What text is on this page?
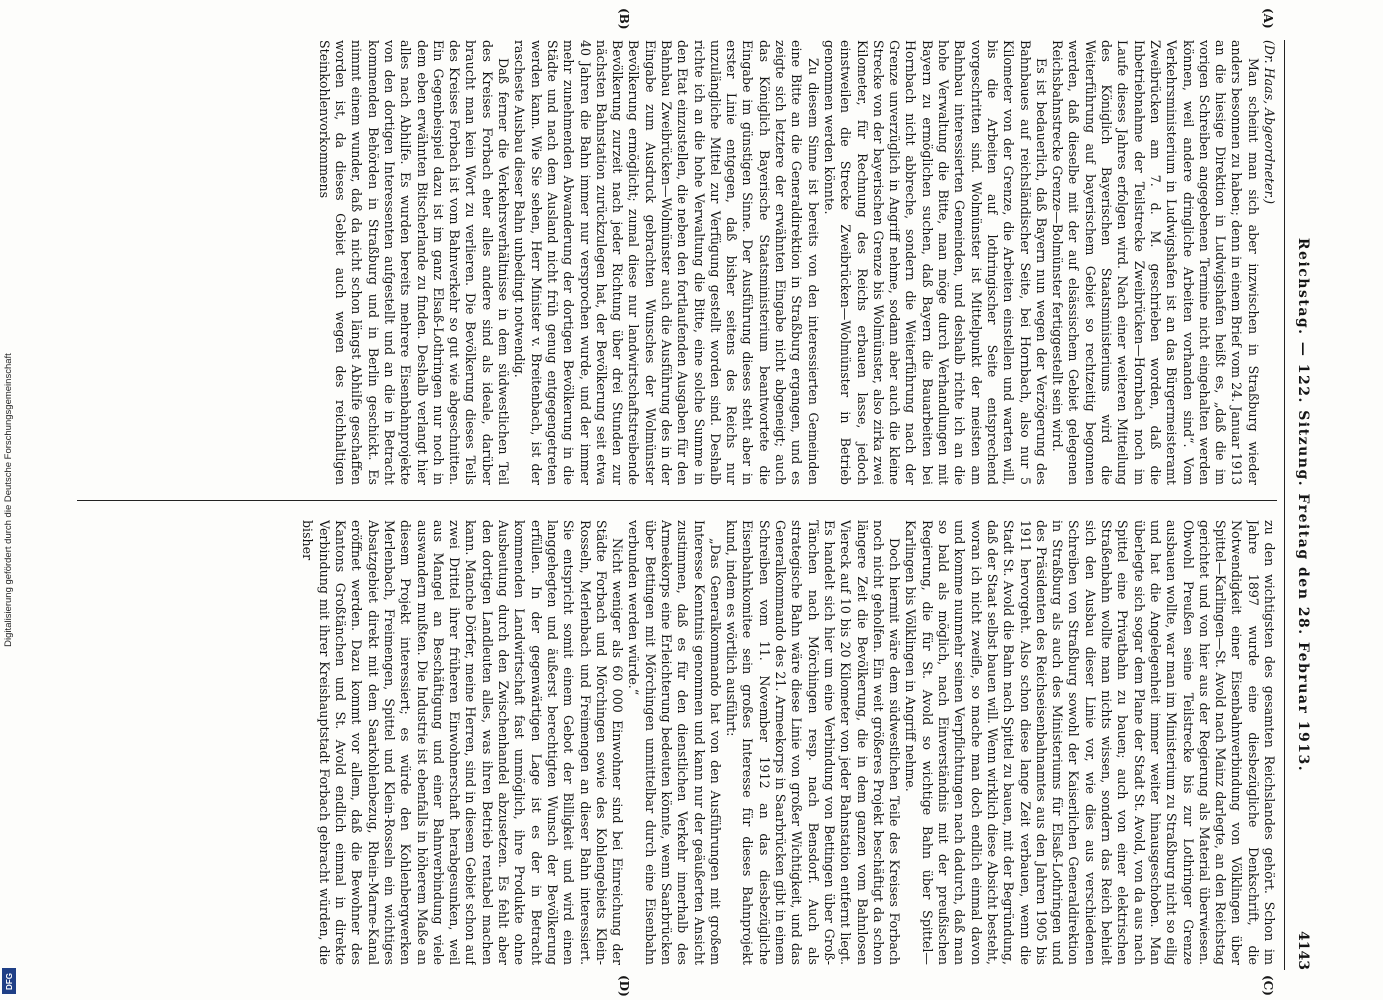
Digitalisierung gefördert durch die Deutsche Forschungsgemeinschaft
DFG
Reichstag. — 122. Sitzung. Freitag den 28. Februar 1913.
4143
(A)
(B)
(C)
(D)

(Dr. Haas, Abgeordneter.)

Man scheint man sich aber inzwischen in Straßburg wieder anders besonnen zu haben; denn in einem Brief vom 24. Januar 1913 an die hiesige Direktion in Ludwigshafen heißt es, „daß die im vorigen Schreiben angegebenen Termine nicht eingehalten werden können, weil andere dringliche Arbeiten vorhanden sind“. Vom Verkehrsministerium in Ludwigshafen ist an das Bürgermeisteramt Zweibrücken am 7. d. M. geschrieben worden, daß die Inbetriebnahme der Teilstrecke Zweibrücken—Hornbach noch im Laufe dieses Jahres erfolgen wird. Nach einer weiteren Mitteilung des Königlich Bayerischen Staatsministeriums wird die Weiterführung auf bayerischem Gebiet so rechtzeitig begonnen werden, daß dieselbe mit der auf elsässischem Gebiet gelegenen Reichsbahnstrecke Grenze—Bolmünster fertiggestellt sein wird.

Es ist bedauerlich, daß Bayern nun wegen der Verzögerung des Bahnbaues auf reichsländischer Seite, bei Hornbach, also nur 5 Kilometer von der Grenze, die Arbeiten einstellen und warten will, bis die Arbeiten auf lothringischer Seite entsprechend vorgeschritten sind. Wolmünster ist Mittelpunkt der meisten am Bahnbau interessierten Gemeinden, und deshalb richte ich an die hohe Verwaltung die Bitte, man möge durch Verhandlungen mit Bayern zu ermöglichen suchen, daß Bayern die Bauarbeiten bei Hornbach nicht abbreche, sondern die Weiterführung nach der Grenze unverzüglich in Angriff nehme, sodann aber auch die kleine Strecke von der bayerischen Grenze bis Wolmünster, also zirka zwei Kilometer, für Rechnung des Reichs erbauen lasse, jedoch einstweilen die Strecke Zweibrücken—Wolmünster in Betrieb genommen werden könnte.

Zu diesem Sinne ist bereits von den interessierten Gemeinden eine Bitte an die Generaldirektion in Straßburg ergangen, und es zeigte sich letztere der erwähnten Eingabe nicht abgeneigt; auch das Königlich Bayerische Staatsministerium beantwortete die Eingabe im günstigen Sinne. Der Ausführung dieses steht aber in erster Linie entgegen, daß bisher seitens des Reichs nur unzulängliche Mittel zur Verfügung gestellt worden sind. Deshalb richte ich an die hohe Verwaltung die Bitte, eine solche Summe in den Etat einzustellen, die neben den fortlaufenden Ausgaben für den Bahnbau Zweibrücken—Wolmünster auch die Ausführung des in der Eingabe zum Ausdruck gebrachten Wunsches der Wolmünster Bevölkerung ermöglicht; zumal diese nur landwirtschaftstreibende Bevölkerung zurzeit nach jeder Richtung über drei Stunden zur nächsten Bahnstation zurückzulegen hat, der Bevölkerung seit etwa 40 Jahren die Bahn immer nur versprochen wurde, und der immer mehr zunehmenden Abwanderung der dortigen Bevölkerung in die Städte und nach dem Ausland nicht früh genug entgegengetreten werden kann. Wie Sie sehen, Herr Minister v. Breitenbach, ist der rascheste Ausbau dieser Bahn unbedingt notwendig.

Daß ferner die Verkehrsverhältnisse in dem südwestlichen Teil des Kreises Forbach eher alles andere sind als ideale, darüber braucht man kein Wort zu verlieren. Die Bevölkerung dieses Teils des Kreises Forbach ist vom Bahnverkehr so gut wie abgeschnitten. Ein Gegenbeispiel dazu ist im ganz Elsaß-Lothringen nur noch in dem eben erwähnten Bitscherlande zu finden. Deshalb verlangt hier alles nach Abhilfe. Es wurden bereits mehrere Eisenbahnprojekte von den dortigen Interessenten aufgestellt und an die in Betracht kommenden Behörden in Straßburg und in Berlin geschickt. Es nimmt einem wunder, daß da nicht schon längst Abhilfe geschaffen worden ist, da dieses Gebiet auch wegen des reichhaltigen Steinkohlenvorkommens

zu den wichtigsten des gesamten Reichslandes gehört. Schon im Jahre 1897 wurde eine diesbezügliche Denkschrift, die Notwendigkeit einer Eisenbahnverbindung von Völklingen über Spittel—Karlingen—St. Avold nach Mainz darlegte, an den Reichstag gerichtet und von hier aus der Regierung als Material überwiesen. Obwohl Preußen seine Teilstrecke bis zur Lothringer Grenze ausbauen wollte, war man im Ministerium zu Straßburg nicht so eilig und hat die Angelegenheit immer weiter hinausgeschoben. Man überlegte sich sogar dem Plane der Stadt St. Avold, von da aus nach Spittel eine Privatbahn zu bauen; auch von einer elektrischen Straßenbahn wollte man nichts wissen, sondern das Reich behielt sich den Ausbau dieser Linie vor, wie dies aus verschiedenen Schreiben von Straßburg sowohl der Kaiserlichen Generaldirektion in Straßburg als auch des Ministeriums für Elsaß-Lothringen und des Präsidenten des Reichseisenbahnamtes aus den Jahren 1905 bis 1911 hervorgeht. Also schon diese lange Zeit verbauen, wenn die Stadt St. Avold die Bahn nach Spittel zu bauen, mit der Begründung, daß der Staat selbst bauen will. Wenn wirklich diese Absicht besteht, woran ich nicht zweifle, so mache man doch endlich einmal davon und komme nunmehr seinen Verpflichtungen nach dadurch, daß man so bald als möglich, nach Einverständnis mit der preußischen Regierung, die für St. Avold so wichtige Bahn über Spittel—Karlingen bis Völklingen in Angriff nehme.

Doch hiermit wäre dem südwestlichen Teile des Kreises Forbach noch nicht geholfen. Ein weit größeres Projekt beschäftigt da schon längere Zeit die Bevölkerung, die in dem ganzen vom Bahnlosen Viereck auf 10 bis 20 Kilometer von jeder Bahnstation entfernt liegt. Es handelt sich hier um eine Verbindung von Bettingen über Groß-Tänchen nach Mörchingen resp. nach Bensdorf. Auch als strategische Bahn wäre diese Linie von großer Wichtigkeit, und das Generalkommando des 21. Armeekorps in Saarbrücken gibt in einem Schreiben vom 11. November 1912 an das diesbezügliche Eisenbahnkomitee sein großes Interesse für dieses Bahnprojekt kund, indem es wörtlich ausführt:

„Das Generalkommando hat von den Ausführungen mit großem Interesse Kenntnis genommen und kann nur der geäußerten Ansicht zustimmen, daß es für den dienstlichen Verkehr innerhalb des Armeekorps eine Erleichterung bedeuten könnte, wenn Saarbrücken über Bettingen mit Mörchingen unmittelbar durch eine Eisenbahn verbunden werden würde.“

Nicht weniger als 60 000 Einwohner sind bei Einreichung der Städte Forbach und Mörchingen sowie des Kohlengebiets Klein-Rosseln, Merlenbach und Freimengen an dieser Bahn interessiert. Sie entspricht somit einem Gebot der Billigkeit und wird einen langgehegten und äußerst berechtigten Wunsch der Bevölkerung erfüllen. In der gegenwärtigen Lage ist es der in Betracht kommenden Landwirtschaft fast unmöglich, ihre Produkte ohne Ausbeutung durch den Zwischenhandel abzusetzen. Es fehlt aber den dortigen Landleuten alles, was ihren Betrieb rentabel machen kann. Manche Dörfer, meine Herren, sind in diesem Gebiet schon auf zwei Drittel ihrer früheren Einwohnerschaft herabgesunken, weil aus Mangel an Beschäftigung und einer Bahnverbindung viele auswandern mußten. Die Industrie ist ebenfalls in höherem Maße an diesem Projekt interessiert; es würde den Kohlenbergwerken Merlenbach, Freimengen, Spittel und Klein-Rosseln ein wichtiges Absatzgebiet direkt mit dem Saarkohlenbezug, Rhein-Marne-Kanal eröffnet werden. Dazu kommt vor allem, daß die Bewohner des Kantons Großtänchen und St. Avold endlich einmal in direkte Verbindung mit ihrer Kreishauptstadt Forbach gebracht würden, die bisher
